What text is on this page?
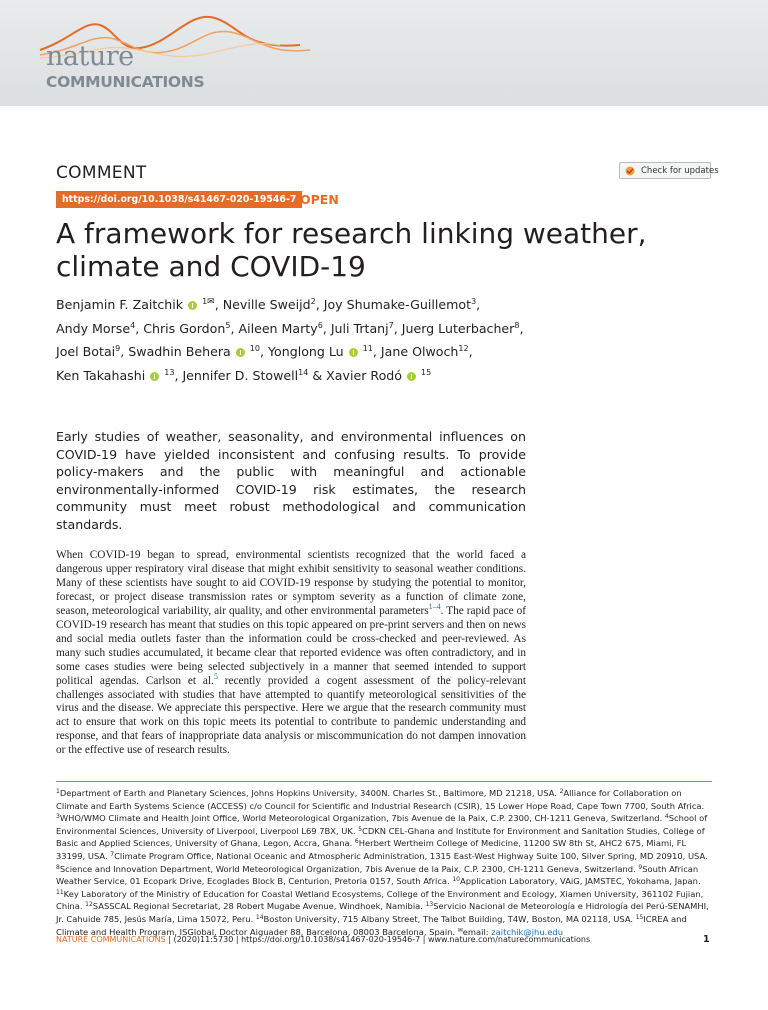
nature
COMMUNICATIONS
COMMENT	Check for updates
https://doi.org/10.1038/s41467-020-19546-7 OPEN
A framework for research linking weather, climate and COVID-19
Benjamin F. Zaitchik $^{1✉}$, Neville Sweijd$^2$, Joy Shumake-Guillemot$^3$, Andy Morse$^4$, Chris Gordon$^5$, Aileen Marty$^6$, Juli Trtanj$^7$, Juerg Luterbacher$^8$, Joel Botai$^9$, Swadhin Behera $^{10}$, Yonglong Lu $^{11}$, Jane Olwoch$^{12}$, Ken Takahashi $^{13}$, Jennifer D. Stowell$^{14}$ & Xavier Rodó $^{15}$

Early studies of weather, seasonality, and environmental influences on COVID-19 have yielded inconsistent and confusing results. To provide policy-makers and the public with meaningful and actionable environmentally-informed COVID-19 risk estimates, the research community must meet robust methodological and communication standards.

When COVID-19 began to spread, environmental scientists recognized that the world faced a dangerous upper respiratory viral disease that might exhibit sensitivity to seasonal weather conditions. Many of these scientists have sought to aid COVID-19 response by studying the potential to monitor, forecast, or project disease transmission rates or symptom severity as a function of climate zone, season, meteorological variability, air quality, and other environmental parameters$^{1-4}$. The rapid pace of COVID-19 research has meant that studies on this topic appeared on pre-print servers and then on news and social media outlets faster than the information could be cross-checked and peer-reviewed. As many such studies accumulated, it became clear that reported evidence was often contradictory, and in some cases studies were being selected subjectively in a manner that seemed intended to support political agendas. Carlson et al.$^5$ recently provided a cogent assessment of the policy-relevant challenges associated with studies that have attempted to quantify meteorological sensitivities of the virus and the disease. We appreciate this perspective. Here we argue that the research community must act to ensure that work on this topic meets its potential to contribute to pandemic understanding and response, and that fears of inappropriate data analysis or miscommunication do not dampen innovation or the effective use of research results.

$^1$Department of Earth and Planetary Sciences, Johns Hopkins University, 3400N. Charles St., Baltimore, MD 21218, USA. $^2$Alliance for Collaboration on Climate and Earth Systems Science (ACCESS) c/o Council for Scientific and Industrial Research (CSIR), 15 Lower Hope Road, Cape Town 7700, South Africa. $^3$WHO/WMO Climate and Health Joint Office, World Meteorological Organization, 7bis Avenue de la Paix, C.P. 2300, CH-1211 Geneva, Switzerland. $^4$School of Environmental Sciences, University of Liverpool, Liverpool L69 7BX, UK. $^5$CDKN CEL-Ghana and Institute for Environment and Sanitation Studies, College of Basic and Applied Sciences, University of Ghana, Legon, Accra, Ghana. $^6$Herbert Wertheim College of Medicine, 11200 SW 8th St, AHC2 675, Miami, FL 33199, USA. $^7$Climate Program Office, National Oceanic and Atmospheric Administration, 1315 East-West Highway Suite 100, Silver Spring, MD 20910, USA. $^8$Science and Innovation Department, World Meteorological Organization, 7bis Avenue de la Paix, C.P. 2300, CH-1211 Geneva, Switzerland. $^9$South African Weather Service, 01 Ecopark Drive, Ecoglades Block B, Centurion, Pretoria 0157, South Africa. $^{10}$Application Laboratory, VAiG, JAMSTEC, Yokohama, Japan. $^{11}$Key Laboratory of the Ministry of Education for Coastal Wetland Ecosystems, College of the Environment and Ecology, Xiamen University, 361102 Fujian, China. $^{12}$SASSCAL Regional Secretariat, 28 Robert Mugabe Avenue, Windhoek, Namibia. $^{13}$Servicio Nacional de Meteorología e Hidrología del Perú-SENAMHI, Jr. Cahuide 785, Jesús María, Lima 15072, Peru. $^{14}$Boston University, 715 Albany Street, The Talbot Building, T4W, Boston, MA 02118, USA. $^{15}$ICREA and Climate and Health Program, ISGlobal, Doctor Aiguader 88, Barcelona, 08003 Barcelona, Spain. ✉email: zaitchik@jhu.edu

NATURE COMMUNICATIONS | (2020)11:5730 | https://doi.org/10.1038/s41467-020-19546-7 | www.nature.com/naturecommunications	1
